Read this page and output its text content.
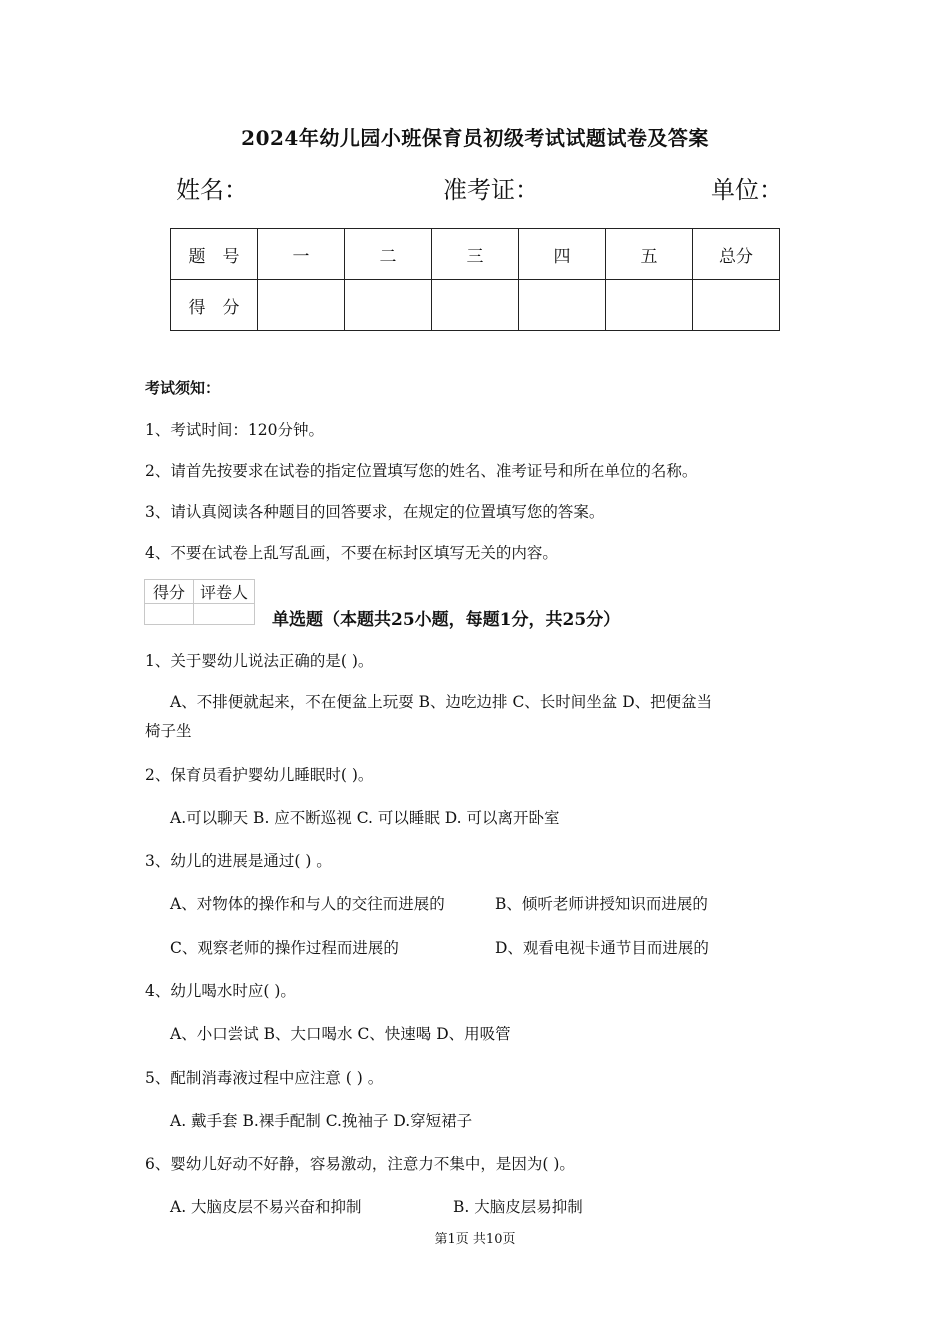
2024年幼儿园小班保育员初级考试试题试卷及答案
姓名：	准考证：	单位：
题　号	一	二	三	四	五	总分
得　分						
考试须知：
1、考试时间：120分钟。
2、请首先按要求在试卷的指定位置填写您的姓名、准考证号和所在单位的名称。
3、请认真阅读各种题目的回答要求，在规定的位置填写您的答案。
4、不要在试卷上乱写乱画，不要在标封区填写无关的内容。
得分	评卷人

单选题（本题共25小题，每题1分，共25分）
1、关于婴幼儿说法正确的是( )。
A、不排便就起来，不在便盆上玩耍 B、边吃边排 C、长时间坐盆 D、把便盆当
椅子坐
2、保育员看护婴幼儿睡眠时( )。
A.可以聊天 B. 应不断巡视 C. 可以睡眠 D. 可以离开卧室
3、幼儿的进展是通过( ) 。
A、对物体的操作和与人的交往而进展的	B、倾听老师讲授知识而进展的
C、观察老师的操作过程而进展的	D、观看电视卡通节目而进展的
4、幼儿喝水时应( )。
A、小口尝试 B、大口喝水 C、快速喝 D、用吸管
5、配制消毒液过程中应注意 ( ) 。
A. 戴手套 B.裸手配制 C.挽袖子 D.穿短裙子
6、婴幼儿好动不好静，容易激动，注意力不集中，是因为( )。
A. 大脑皮层不易兴奋和抑制	B. 大脑皮层易抑制
第1页 共10页
